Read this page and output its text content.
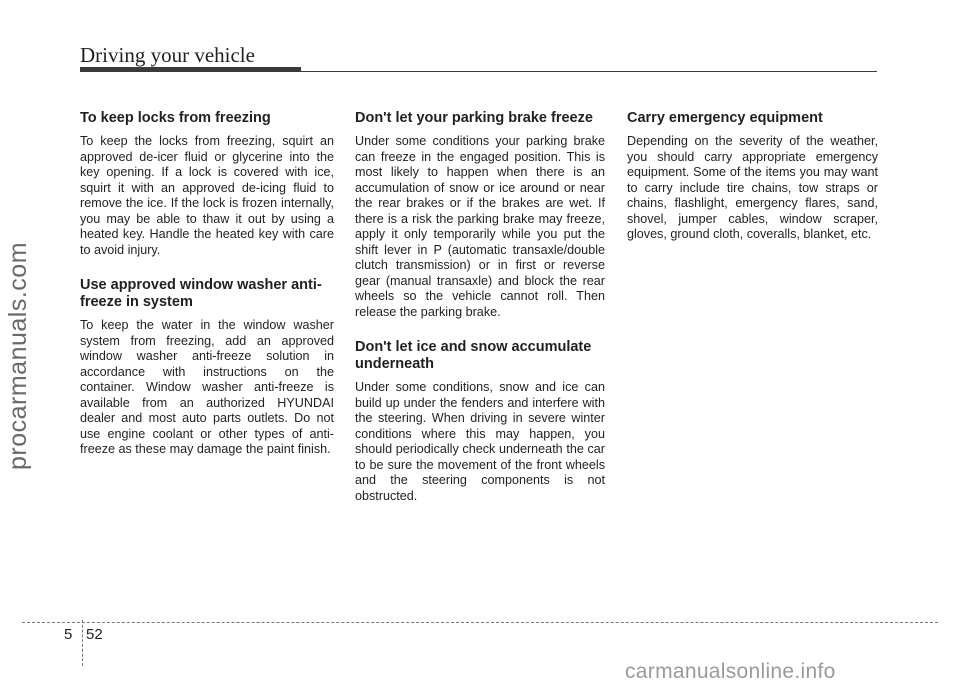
Driving your vehicle
procarmanuals.com
To keep locks from freezing

To keep the locks from freezing, squirt an approved de-icer fluid or glycerine into the key opening. If a lock is covered with ice, squirt it with an approved de-icing fluid to remove the ice. If the lock is frozen internally, you may be able to thaw it out by using a heated key. Handle the heated key with care to avoid injury.

Use approved window washer anti-freeze in system

To keep the water in the window washer system from freezing, add an approved window washer anti-freeze solution in accordance with instructions on the container. Window washer anti-freeze is available from an authorized HYUNDAI dealer and most auto parts outlets. Do not use engine coolant or other types of anti-freeze as these may damage the paint finish.

Don't let your parking brake freeze

Under some conditions your parking brake can freeze in the engaged position. This is most likely to happen when there is an accumulation of snow or ice around or near the rear brakes or if the brakes are wet. If there is a risk the parking brake may freeze, apply it only temporarily while you put the shift lever in P (automatic transaxle/double clutch transmission) or in first or reverse gear (manual transaxle) and block the rear wheels so the vehicle cannot roll. Then release the parking brake.

Don't let ice and snow accumulate underneath

Under some conditions, snow and ice can build up under the fenders and interfere with the steering. When driving in severe winter conditions where this may happen, you should periodically check underneath the car to be sure the movement of the front wheels and the steering components is not obstructed.

Carry emergency equipment

Depending on the severity of the weather, you should carry appropriate emergency equipment. Some of the items you may want to carry include tire chains, tow straps or chains, flashlight, emergency flares, sand, shovel, jumper cables, window scraper, gloves, ground cloth, coveralls, blanket, etc.

5 52
carmanualsonline.info
